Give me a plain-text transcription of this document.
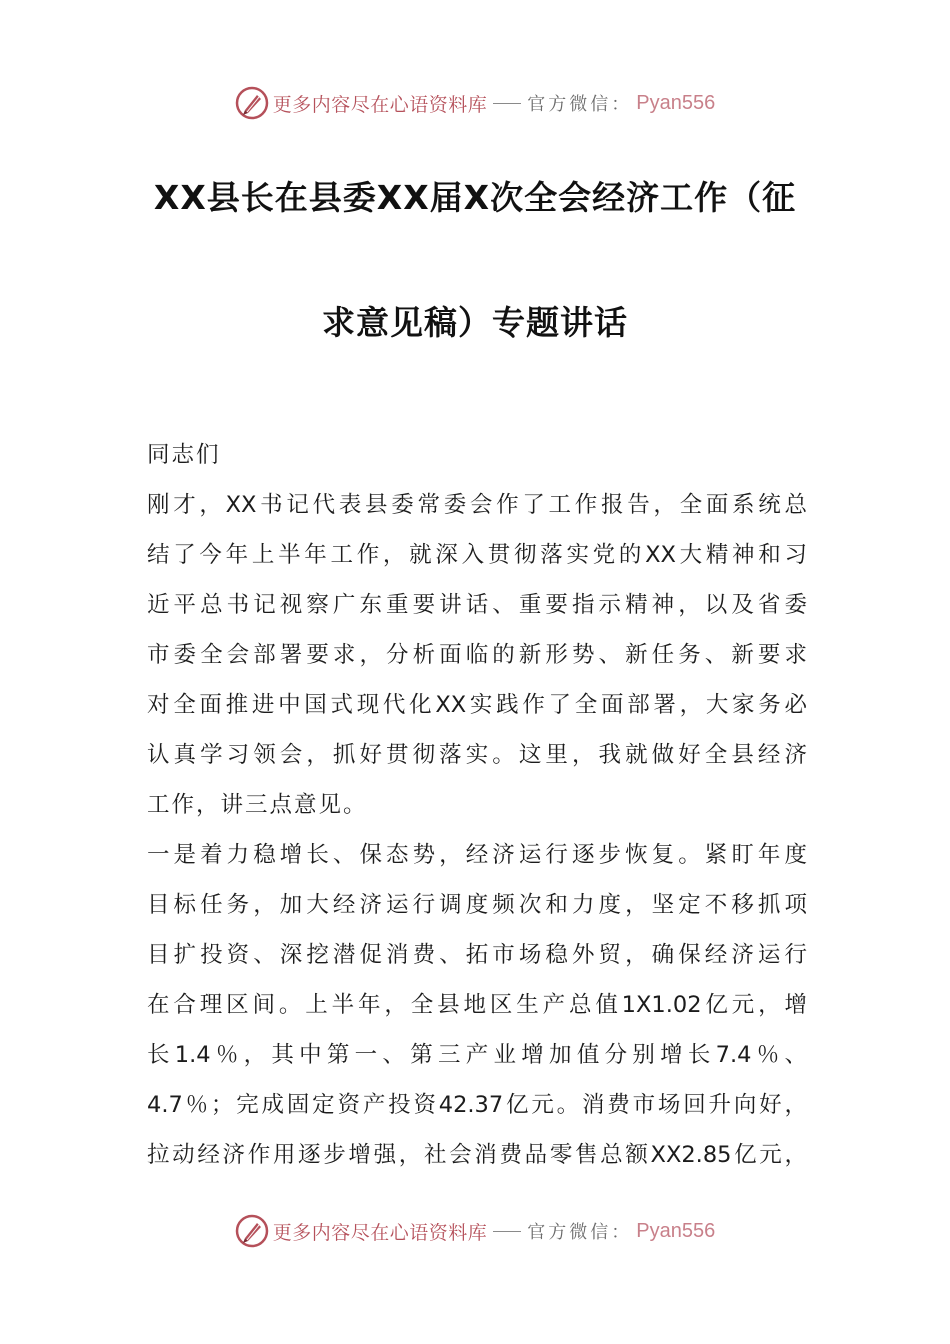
更多内容尽在心语资料库 官方微信： Pyan556
XX县长在县委XX届X次全会经济工作（征
求意见稿）专题讲话
同志们
刚才，XX书记代表县委常委会作了工作报告，全面系统总
结了今年上半年工作，就深入贯彻落实党的XX大精神和习
近平总书记视察广东重要讲话、重要指示精神，以及省委
市委全会部署要求，分析面临的新形势、新任务、新要求
对全面推进中国式现代化XX实践作了全面部署，大家务必
认真学习领会，抓好贯彻落实。这里，我就做好全县经济
工作，讲三点意见。
一是着力稳增长、保态势，经济运行逐步恢复。紧盯年度
目标任务，加大经济运行调度频次和力度，坚定不移抓项
目扩投资、深挖潜促消费、拓市场稳外贸，确保经济运行
在合理区间。上半年，全县地区生产总值1X1.02亿元，增
长1.4％，其中第一、第三产业增加值分别增长7.4％、
4.7％；完成固定资产投资42.37亿元。消费市场回升向好，
拉动经济作用逐步增强，社会消费品零售总额XX2.85亿元，
更多内容尽在心语资料库 官方微信： Pyan556
